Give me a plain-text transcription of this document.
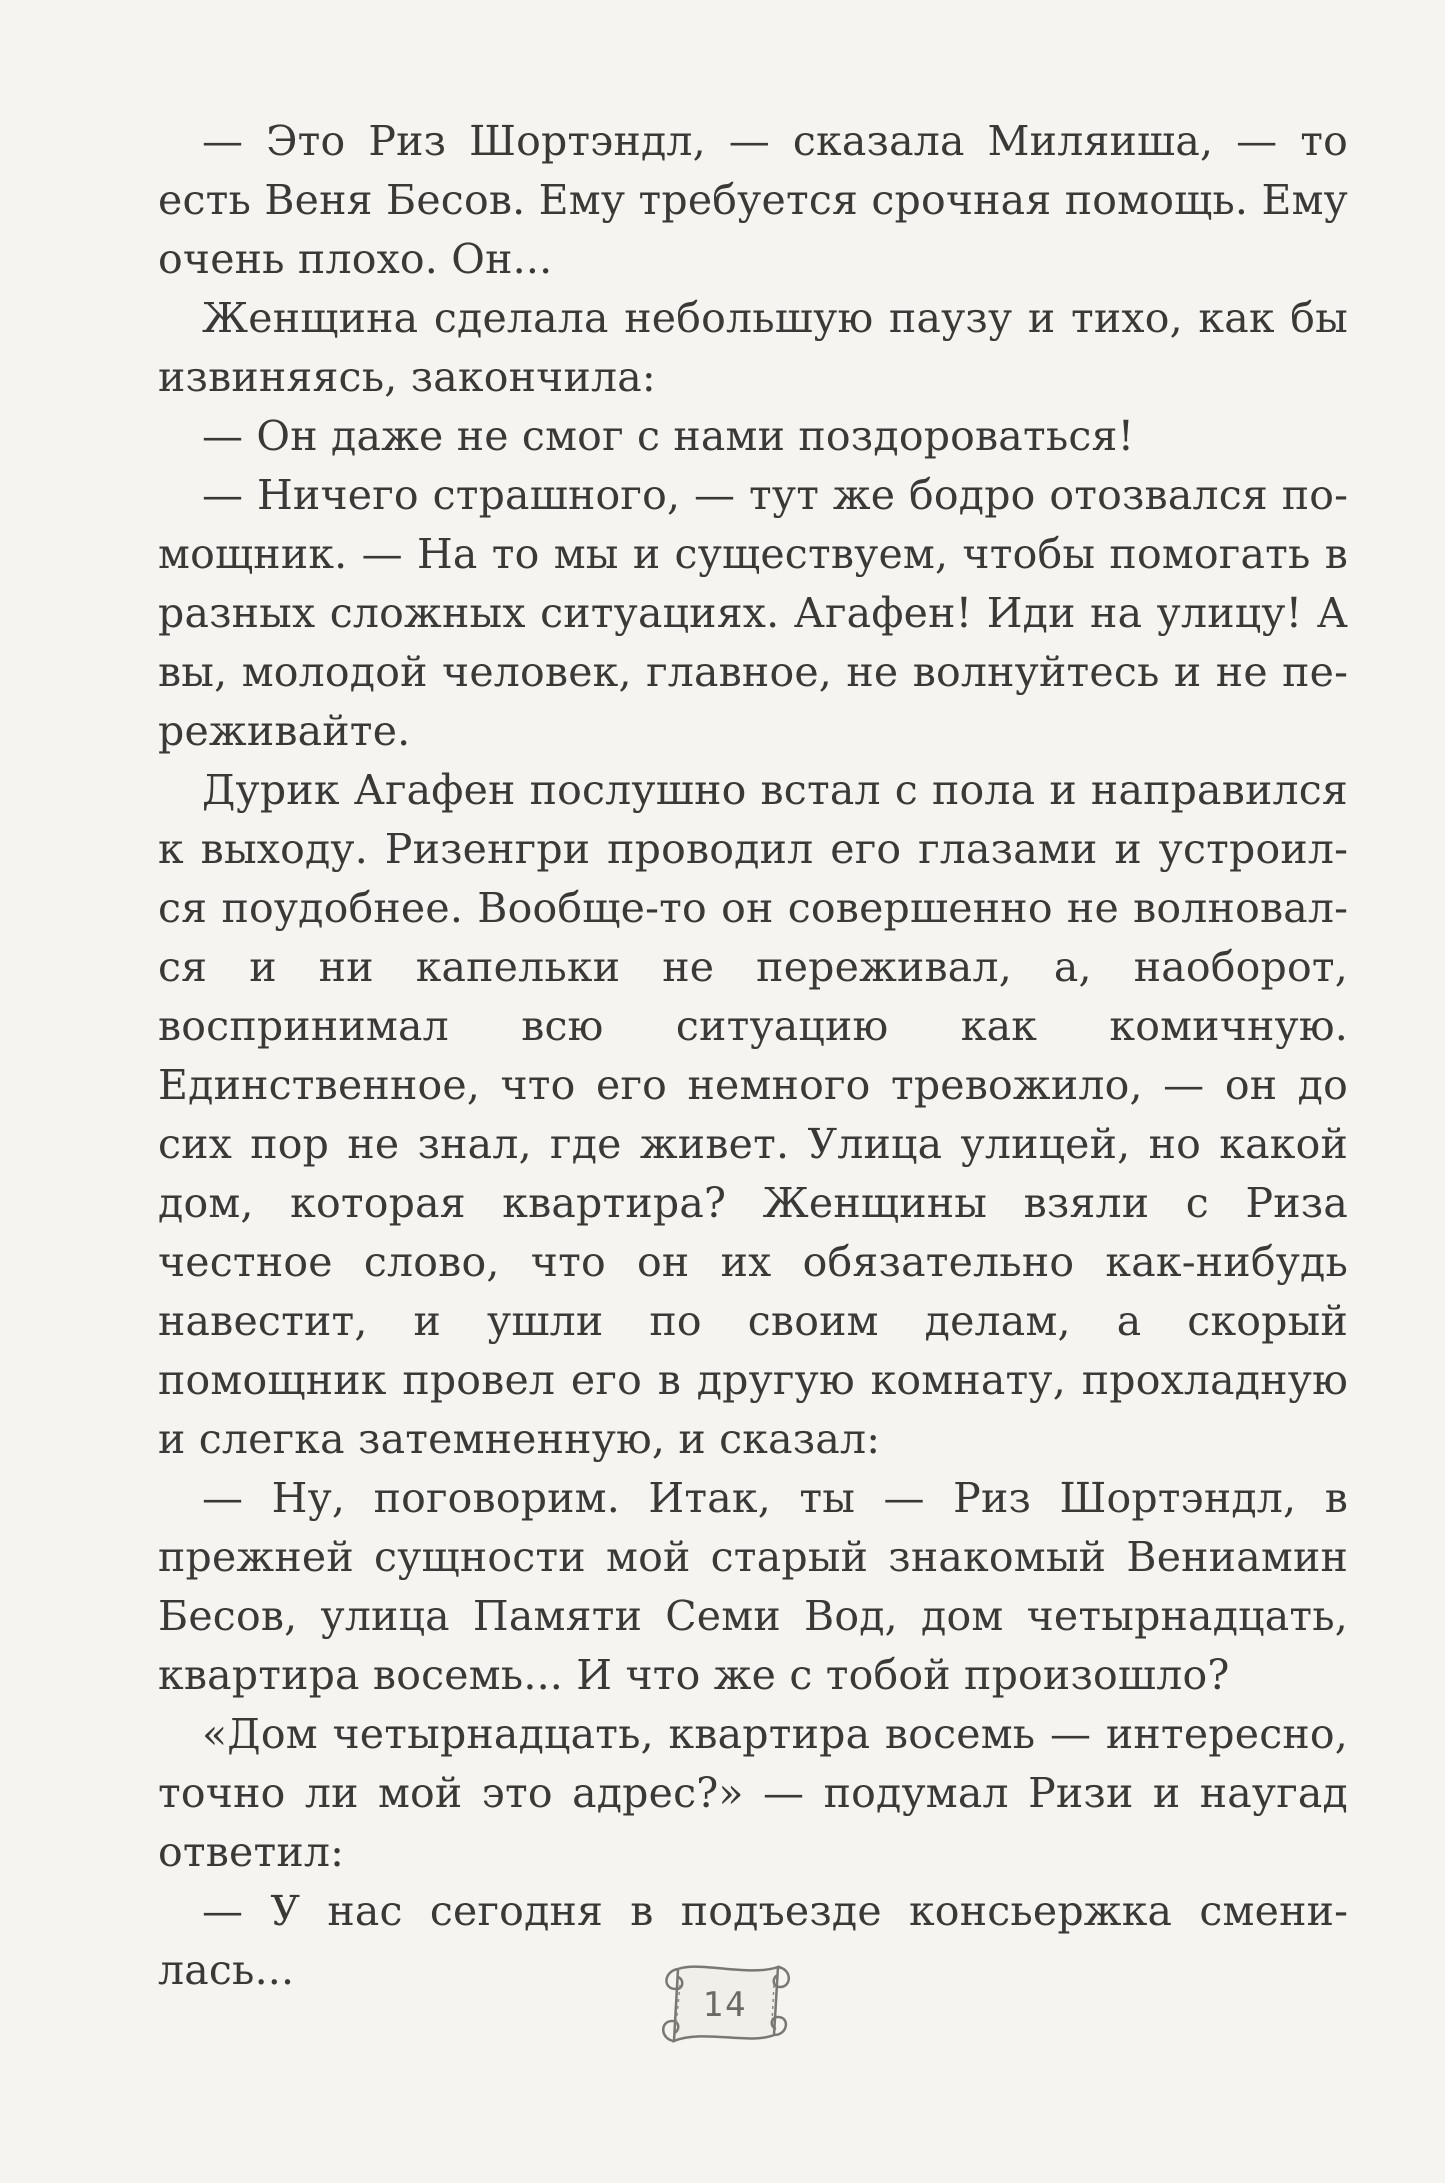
— Это Риз Шортэндл, — сказала Миляиша, — то есть Веня Бесов. Ему требуется срочная помощь. Ему очень плохо. Он...

Женщина сделала небольшую паузу и тихо, как бы извиняясь, закончила:

— Он даже не смог с нами поздороваться!

— Ничего страшного, — тут же бодро отозвался помощник. — На то мы и существуем, чтобы помогать в разных сложных ситуациях. Агафен! Иди на улицу! А вы, молодой человек, главное, не волнуйтесь и не переживайте.

Дурик Агафен послушно встал с пола и направился к выходу. Ризенгри проводил его глазами и устроился поудобнее. Вообще-то он совершенно не волновался и ни капельки не переживал, а, наоборот, воспринимал всю ситуацию как комичную. Единственное, что его немного тревожило, — он до сих пор не знал, где живет. Улица улицей, но какой дом, которая квартира? Женщины взяли с Риза честное слово, что он их обязательно как-нибудь навестит, и ушли по своим делам, а скорый помощник провел его в другую комнату, прохладную и слегка затемненную, и сказал:

— Ну, поговорим. Итак, ты — Риз Шортэндл, в прежней сущности мой старый знакомый Вениамин Бесов, улица Памяти Семи Вод, дом четырнадцать, квартира восемь... И что же с тобой произошло?

«Дом четырнадцать, квартира восемь — интересно, точно ли мой это адрес?» — подумал Ризи и наугад ответил:

— У нас сегодня в подъезде консьержка сменилась...

14
